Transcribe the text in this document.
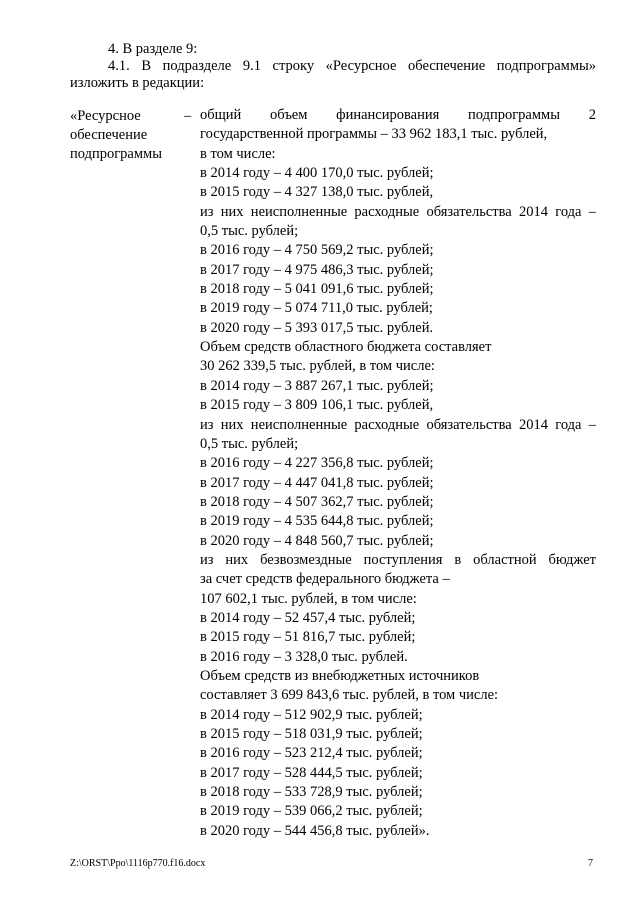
4. В разделе 9:
4.1. В подразделе 9.1 строку «Ресурсное обеспечение подпрограммы»
изложить в редакции:
«Ресурсное
обеспечение
подпрограммы
– общий объем финансирования подпрограммы 2
государственной программы – 33 962 183,1 тыс. рублей,
в том числе:
в 2014 году – 4 400 170,0 тыс. рублей;
в 2015 году – 4 327 138,0 тыс. рублей,
из них неисполненные расходные обязательства 2014 года –
0,5 тыс. рублей;
в 2016 году – 4 750 569,2 тыс. рублей;
в 2017 году – 4 975 486,3 тыс. рублей;
в 2018 году – 5 041 091,6 тыс. рублей;
в 2019 году – 5 074 711,0 тыс. рублей;
в 2020 году – 5 393 017,5 тыс. рублей.
Объем средств областного бюджета составляет
30 262 339,5 тыс. рублей, в том числе:
в 2014 году – 3 887 267,1 тыс. рублей;
в 2015 году – 3 809 106,1 тыс. рублей,
из них неисполненные расходные обязательства 2014 года –
0,5 тыс. рублей;
в 2016 году – 4 227 356,8 тыс. рублей;
в 2017 году – 4 447 041,8 тыс. рублей;
в 2018 году – 4 507 362,7 тыс. рублей;
в 2019 году – 4 535 644,8 тыс. рублей;
в 2020 году – 4 848 560,7 тыс. рублей;
из них безвозмездные поступления в областной бюджет
за счет средств федерального бюджета –
107 602,1 тыс. рублей, в том числе:
в 2014 году – 52 457,4 тыс. рублей;
в 2015 году – 51 816,7 тыс. рублей;
в 2016 году – 3 328,0 тыс. рублей.
Объем средств из внебюджетных источников
составляет 3 699 843,6 тыс. рублей, в том числе:
в 2014 году – 512 902,9 тыс. рублей;
в 2015 году – 518 031,9 тыс. рублей;
в 2016 году – 523 212,4 тыс. рублей;
в 2017 году – 528 444,5 тыс. рублей;
в 2018 году – 533 728,9 тыс. рублей;
в 2019 году – 539 066,2 тыс. рублей;
в 2020 году – 544 456,8 тыс. рублей».
Z:\ORST\Ppo\1116p770.f16.docx	7
